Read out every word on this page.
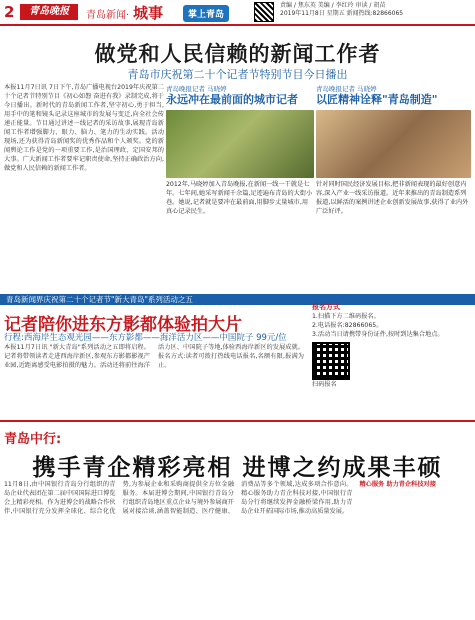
2	青岛晚报	青岛新闻· 城事	掌上青岛
责编 / 焦东英 美编 / 李红玲 审读 / 胡苗
2019年11月8日 星期五 新闻热线:82866065
做党和人民信赖的新闻工作者
青岛市庆祝第二十个记者节特别节目今日播出

本报11月7日讯 7日下午,青岛广播电视台2019年庆祝第二十个记者节特别节目《初心如磐 奋进有我》录制完成,将于今日播出。新时代的青岛新闻工作者,坚守初心,勇于担当,用手中的笔和镜头记录这座城市的发展与变迁,向全社会传递正能量。节目通过讲述一线记者的采访故事,展现青岛新闻工作者增强脚力、眼力、脑力、笔力的生动实践。活动现场,还为获得青岛新闻奖的优秀作品和个人颁奖。党的新闻舆论工作是党的一项重要工作,是治国理政、定国安邦的大事。广大新闻工作者要牢记职责使命,坚持正确政治方向,做党和人民信赖的新闻工作者。

青岛晚报记者 马晓婷
永远冲在最前面的城市记者
青岛晚报记者 马晓婷
以匠精神诠释"青岛制造"
2012年,马晓婷加入青岛晚报,在新闻一线一干就是七年。七年间,她采写新闻千余篇,足迹遍布青岛的大街小巷。她说,记者就是要冲在最前面,用脚步丈量城市,用真心记录民生。
针对同时国民经济发展目标,把非新闻表现的最好创意内容,深入产业一线采访报道。近年来推出的青岛制造系列报道,以鲜活的案例讲述企业创新发展故事,获得了业内外广泛好评。
青岛新闻界庆祝第二十个记者节"新大青岛"系列活动之五
记者陪你进东方影都体验拍大片
行程:西海岸生态观光园——东方影都——海洋活力区——中国院子 99元/位
本报11月7日讯 "新大青岛"系列活动之五即将启程。记者将带领读者走进西海岸新区,参观东方影都影视产业园,近距离感受电影拍摄的魅力。活动还将前往海洋活力区、中国院子等地,体验西海岸新区的发展成就。报名方式:读者可拨打热线电话报名,名额有限,报满为止。
报名方式
1.扫描下方二维码报名。
2.电话报名:82866065。
3.活动当日请携带身份证件,按时到达集合地点。
扫码报名
青岛中行:
携手青企精彩亮相 进博之约成果丰硕

11月8日,由中国银行青岛分行组织的青岛企业代表团在第二届中国国际进口博览会上精彩亮相。作为进博会的战略合作伙伴,中国银行充分发挥全球化、综合化优势,为参展企业和采购商提供全方位金融服务。本届进博会期间,中国银行青岛分行组织青岛地区重点企业与境外参展商开展对接洽谈,涵盖智能制造、医疗健康、消费品等多个领域,达成多项合作意向。精心服务助力青企科技对接,中国银行青岛分行将继续发挥金融桥梁作用,助力青岛企业开拓国际市场,推动高质量发展。

精心服务 助力青企科技对接
